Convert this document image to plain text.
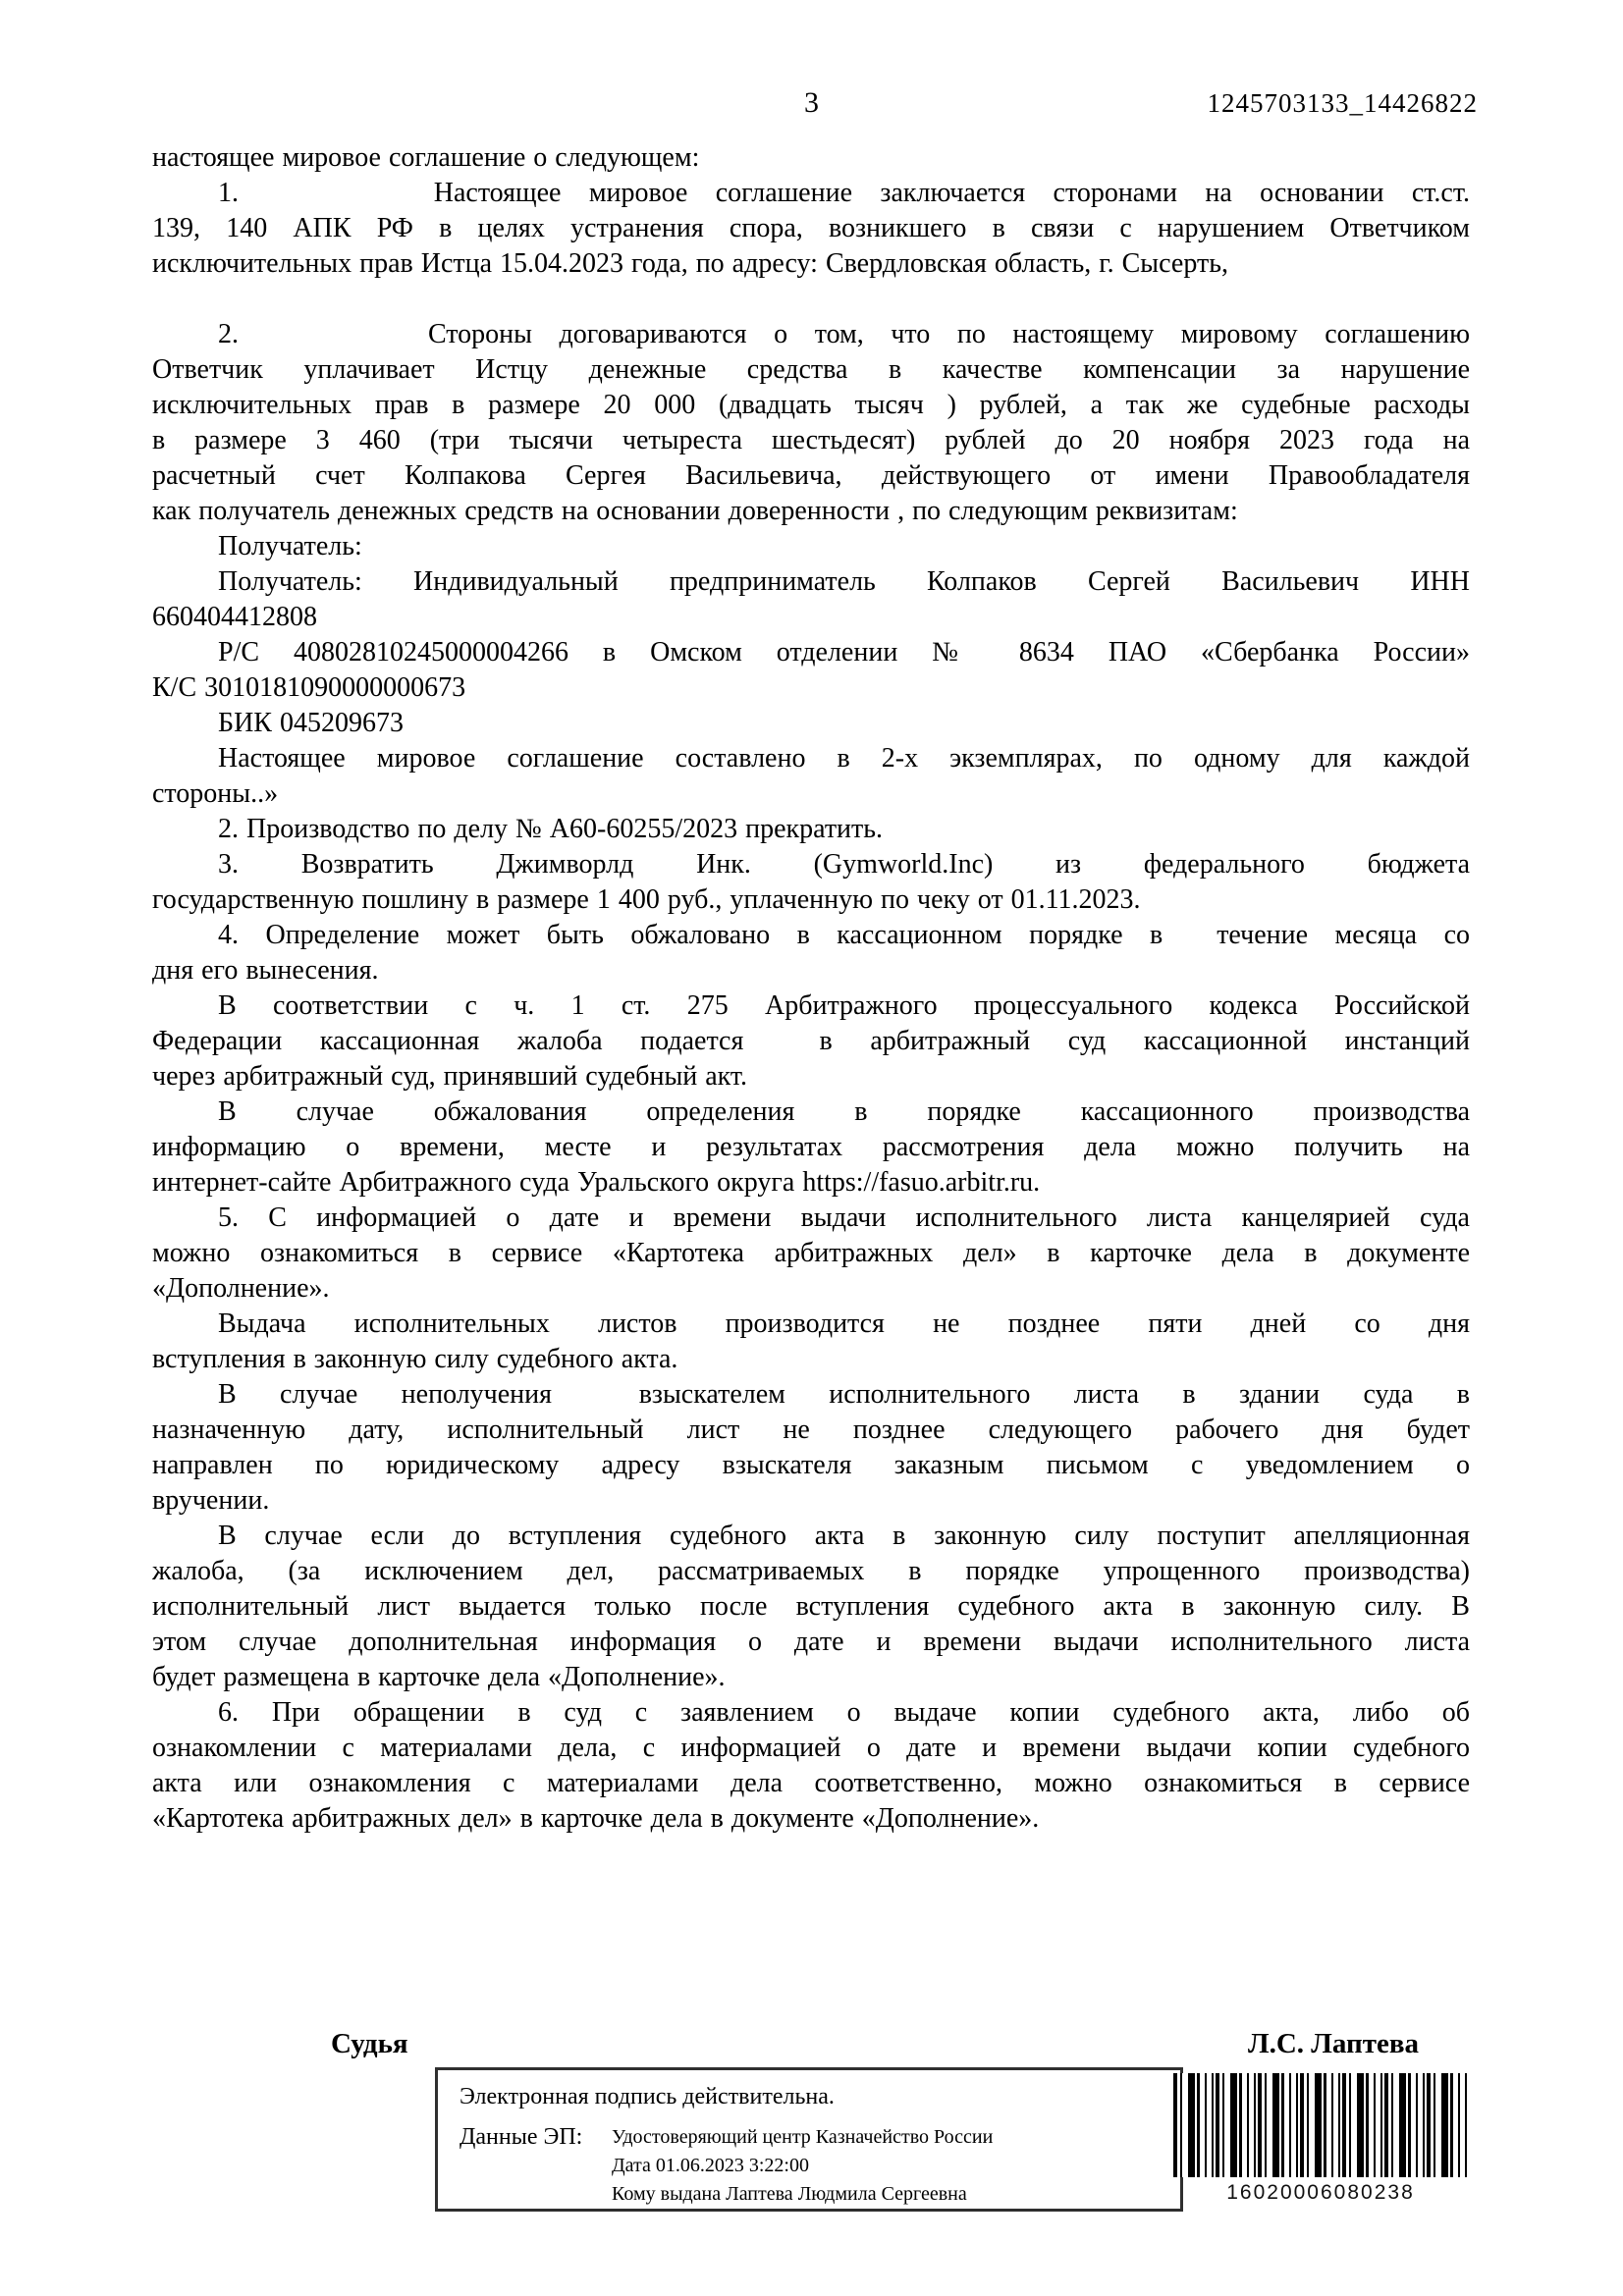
3	1245703133_14426822
настоящее мировое соглашение о следующем:
1.       Настоящее мировое соглашение заключается сторонами на основании ст.ст.
139, 140 АПК РФ в целях устранения спора, возникшего в связи с нарушением Ответчиком
исключительных прав Истца 15.04.2023 года, по адресу: Свердловская область, г. Сысерть,
2.       Стороны договариваются о том, что по настоящему мировому соглашению
Ответчик уплачивает Истцу денежные средства в качестве компенсации за нарушение
исключительных прав в размере 20 000 (двадцать тысяч ) рублей, а так же судебные расходы
в размере 3 460 (три тысячи четыреста шестьдесят) рублей до 20 ноября 2023 года на
расчетный счет Колпакова Сергея Васильевича, действующего от имени Правообладателя
как получатель денежных средств на основании доверенности , по следующим реквизитам:
Получатель:
Получатель: Индивидуальный предприниматель Колпаков Сергей Васильевич ИНН
660404412808
Р/С 40802810245000004266 в Омском отделении № 8634 ПАО «Сбербанка России»
К/С 3010181090000000673
БИК 045209673
Настоящее мировое соглашение составлено в 2-х экземплярах, по одному для каждой
стороны..»
2. Производство по делу № А60-60255/2023 прекратить.
3. Возвратить Джимворлд Инк. (Gymworld.Inc) из федерального бюджета
государственную пошлину в размере 1 400 руб., уплаченную по чеку от 01.11.2023.
4. Определение может быть обжаловано в кассационном порядке в  течение месяца со
дня его вынесения.
В соответствии с ч. 1 ст. 275 Арбитражного процессуального кодекса Российской
Федерации кассационная жалоба подается  в арбитражный суд кассационной инстанций
через арбитражный суд, принявший судебный акт.
В случае обжалования определения в порядке кассационного производства
информацию о времени, месте и результатах рассмотрения дела можно получить на
интернет-сайте Арбитражного суда Уральского округа https://fasuo.arbitr.ru.
5. С информацией о дате и времени выдачи исполнительного листа канцелярией суда
можно ознакомиться в сервисе «Картотека арбитражных дел» в карточке дела в документе
«Дополнение».
Выдача исполнительных листов производится не позднее пяти дней со дня
вступления в законную силу судебного акта.
В случае неполучения  взыскателем исполнительного листа в здании суда в
назначенную дату, исполнительный лист не позднее следующего рабочего дня будет
направлен по юридическому адресу взыскателя заказным письмом с уведомлением о
вручении.
В случае если до вступления судебного акта в законную силу поступит апелляционная
жалоба, (за исключением дел, рассматриваемых в порядке упрощенного производства)
исполнительный лист выдается только после вступления судебного акта в законную силу. В
этом случае дополнительная информация о дате и времени выдачи исполнительного листа
будет размещена в карточке дела «Дополнение».
6. При обращении в суд с заявлением о выдаче копии судебного акта, либо об
ознакомлении с материалами дела, с информацией о дате и времени выдачи копии судебного
акта или ознакомления с материалами дела соответственно, можно ознакомиться в сервисе
«Картотека арбитражных дел» в карточке дела в документе «Дополнение».
Судья	Л.С. Лаптева
Электронная подпись действительна.
Данные ЭП:	Удостоверяющий центр Казначейство России
Дата 01.06.2023 3:22:00
Кому выдана Лаптева Людмила Сергеевна	16020006080238
